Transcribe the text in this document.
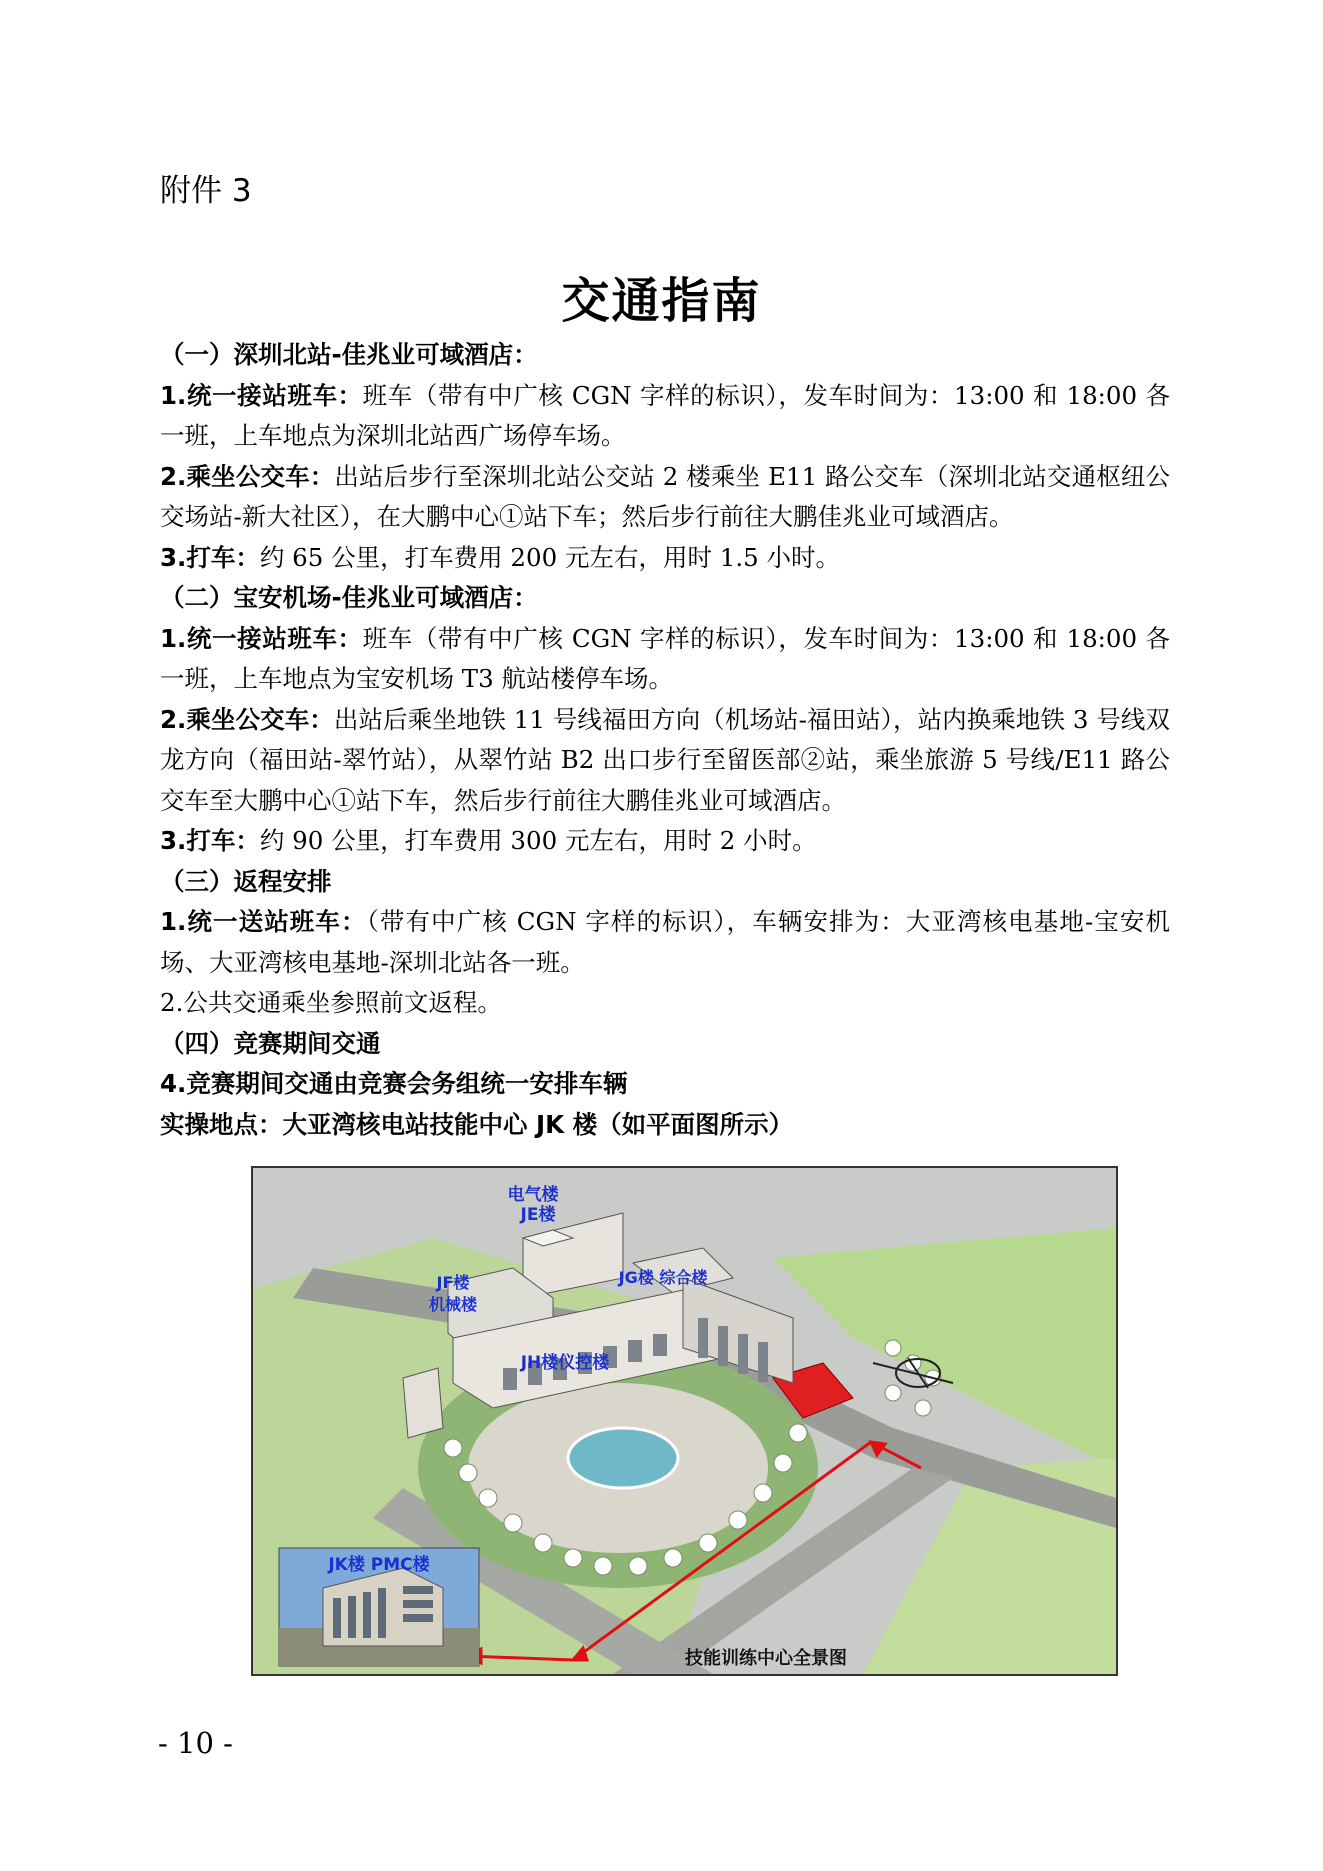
附件 3
交通指南

（一）深圳北站-佳兆业可域酒店：

1.统一接站班车：班车（带有中广核 CGN 字样的标识），发车时间为：13:00 和 18:00 各一班，上车地点为深圳北站西广场停车场。

2.乘坐公交车：出站后步行至深圳北站公交站 2 楼乘坐 E11 路公交车（深圳北站交通枢纽公交场站-新大社区），在大鹏中心①站下车；然后步行前往大鹏佳兆业可域酒店。

3.打车：约 65 公里，打车费用 200 元左右，用时 1.5 小时。

（二）宝安机场-佳兆业可域酒店：

1.统一接站班车：班车（带有中广核 CGN 字样的标识），发车时间为：13:00 和 18:00 各一班，上车地点为宝安机场 T3 航站楼停车场。

2.乘坐公交车：出站后乘坐地铁 11 号线福田方向（机场站-福田站），站内换乘地铁 3 号线双龙方向（福田站-翠竹站），从翠竹站 B2 出口步行至留医部②站，乘坐旅游 5 号线/E11 路公交车至大鹏中心①站下车，然后步行前往大鹏佳兆业可域酒店。

3.打车：约 90 公里，打车费用 300 元左右，用时 2 小时。

（三）返程安排

1.统一送站班车：（带有中广核 CGN 字样的标识），车辆安排为：大亚湾核电基地-宝安机场、大亚湾核电基地-深圳北站各一班。

2.公共交通乘坐参照前文返程。

（四）竞赛期间交通

4.竞赛期间交通由竞赛会务组统一安排车辆

实操地点：大亚湾核电站技能中心 JK 楼（如平面图所示）

电气楼
JE楼
JF楼
机械楼
JG楼 综合楼
JH楼仪控楼
JK楼 PMC楼
技能训练中心全景图
- 10 -
